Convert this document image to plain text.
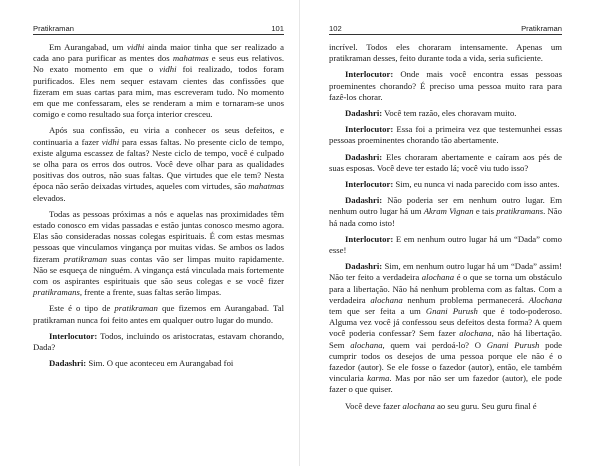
Pratikraman	101

Em Aurangabad, um vidhi ainda maior tinha que ser realizado a cada ano para purificar as mentes dos mahatmas e seus eus relativos. No exato momento em que o vidhi foi realizado, todos foram purificados. Eles nem sequer estavam cientes das confissões que fizeram em suas cartas para mim, mas escreveram tudo. No momento em que me confessaram, eles se renderam a mim e tornaram-se unos comigo e como resultado sua força interior cresceu.

Após sua confissão, eu viria a conhecer os seus defeitos, e continuaria a fazer vidhi para essas faltas. No presente ciclo de tempo, existe alguma escassez de faltas? Neste ciclo de tempo, você é culpado se olha para os erros dos outros. Você deve olhar para as qualidades positivas dos outros, não suas faltas. Que virtudes que ele tem? Nesta época não serão deixadas virtudes, aqueles com virtudes, são mahatmas elevados.

Todas as pessoas próximas a nós e aquelas nas proximidades têm estado conosco em vidas passadas e estão juntas conosco mesmo agora. Elas são consideradas nossas colegas espirituais. É com estas mesmas pessoas que vinculamos vingança por muitas vidas. Se ambos os lados fizeram pratikraman suas contas vão ser limpas muito rapidamente. Não se esqueça de ninguém. A vingança está vinculada mais fortemente com os aspirantes espirituais que são seus colegas e se você fizer pratikramans, frente a frente, suas faltas serão limpas.

Este é o tipo de pratikraman que fizemos em Aurangabad. Tal pratikraman nunca foi feito antes em qualquer outro lugar do mundo.

Interlocutor: Todos, incluindo os aristocratas, estavam chorando, Dada?

Dadashri: Sim. O que aconteceu em Aurangabad foi

102	Pratikraman

incrível. Todos eles choraram intensamente. Apenas um pratikraman desses, feito durante toda a vida, seria suficiente.

Interlocutor: Onde mais você encontra essas pessoas proeminentes chorando? É preciso uma pessoa muito rara para fazê-los chorar.

Dadashri: Você tem razão, eles choravam muito.

Interlocutor: Essa foi a primeira vez que testemunhei essas pessoas proeminentes chorando tão abertamente.

Dadashri: Eles choraram abertamente e caíram aos pés de suas esposas. Você deve ter estado lá; você viu tudo isso?

Interlocutor: Sim, eu nunca vi nada parecido com isso antes.

Dadashri: Não poderia ser em nenhum outro lugar. Em nenhum outro lugar há um Akram Vignan e tais pratikramans. Não há nada como isto!

Interlocutor: E em nenhum outro lugar há um “Dada” como esse!

Dadashri: Sim, em nenhum outro lugar há um “Dada” assim! Não ter feito a verdadeira alochana é o que se torna um obstáculo para a libertação. Não há nenhum problema com as faltas. Com a verdadeira alochana nenhum problema permanecerá. Alochana tem que ser feita a um Gnani Purush que é todo-poderoso. Alguma vez você já confessou seus defeitos desta forma? A quem você poderia confessar? Sem fazer alochana, não há libertação. Sem alochana, quem vai perdoá-lo? O Gnani Purush pode cumprir todos os desejos de uma pessoa porque ele não é o fazedor (autor). Se ele fosse o fazedor (autor), então, ele também vincularia karma. Mas por não ser um fazedor (autor), ele pode fazer o que quiser.

Você deve fazer alochana ao seu guru. Seu guru final é
